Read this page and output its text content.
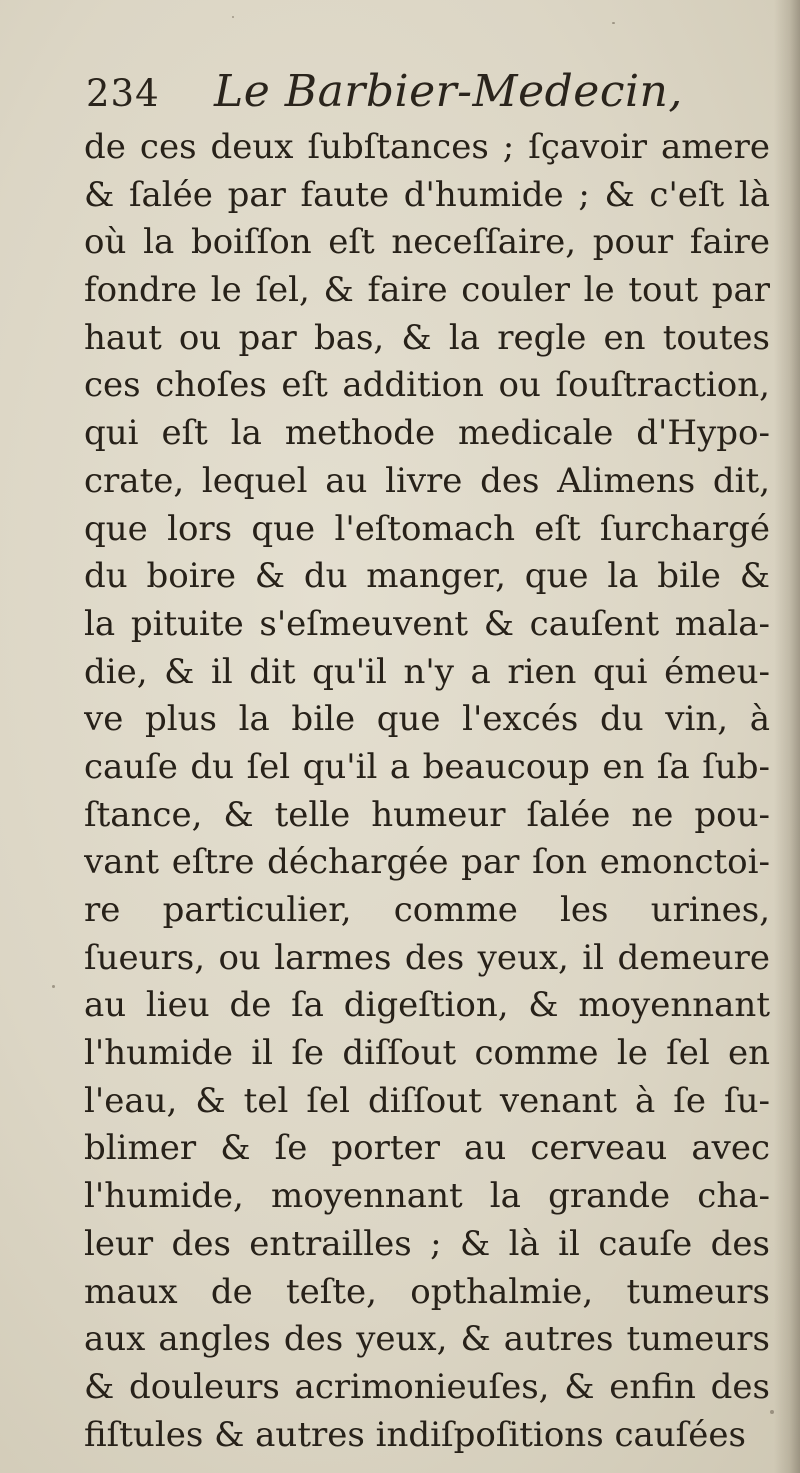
234 Le Barbier-Medecin,
de ces deux ſubſtances ; ſçavoir amere
& ſalée par faute d'humide ; & c'eſt là
où la boiſſon eſt neceſſaire, pour faire
fondre le ſel, & faire couler le tout par
haut ou par bas, & la regle en toutes
ces choſes eſt addition ou ſouſtraction,
qui eſt la methode medicale d'Hypo-
crate, lequel au livre des Alimens dit,
que lors que l'eſtomach eſt ſurchargé
du boire & du manger, que la bile &
la pituite s'eſmeuvent & cauſent mala-
die, & il dit qu'il n'y a rien qui émeu-
ve plus la bile que l'excés du vin, à
cauſe du ſel qu'il a beaucoup en ſa ſub-
ſtance, & telle humeur ſalée ne pou-
vant eſtre déchargée par ſon emonctoi-
re particulier, comme les urines,
ſueurs, ou larmes des yeux, il demeure
au lieu de ſa digeſtion, & moyennant
l'humide il ſe diſſout comme le ſel en
l'eau, & tel ſel diſſout venant à ſe ſu-
blimer & ſe porter au cerveau avec
l'humide, moyennant la grande cha-
leur des entrailles ; & là il cauſe des
maux de teſte, opthalmie, tumeurs
aux angles des yeux, & autres tumeurs
& douleurs acrimonieuſes, & enfin des
fiſtules & autres indiſpoſitions cauſées
